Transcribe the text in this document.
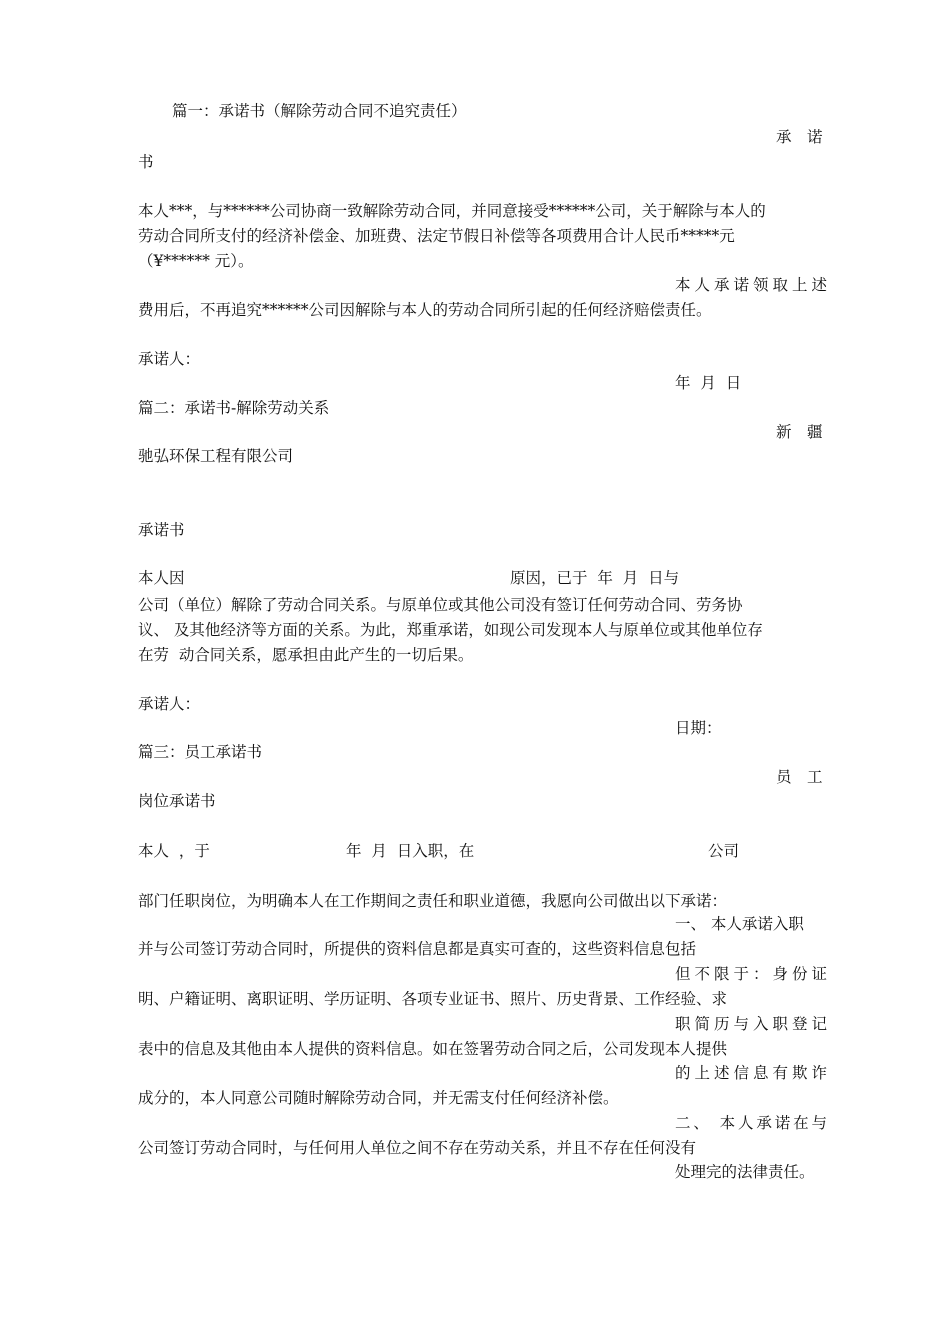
篇一：承诺书（解除劳动合同不追究责任）

承　诺

书

本人***，与******公司协商一致解除劳动合同，并同意接受******公司，关于解除与本人的

劳动合同所支付的经济补偿金、加班费、法定节假日补偿等各项费用合计人民币*****元

（¥****** 元）。

本人承诺领取上述

费用后，不再追究******公司因解除与本人的劳动合同所引起的任何经济赔偿责任。

承诺人：

年  月  日

篇二：承诺书-解除劳动关系

新　疆

驰弘环保工程有限公司

承诺书

本人因	原因，已于  年  月  日与

公司（单位）解除了劳动合同关系。与原单位或其他公司没有签订任何劳动合同、劳务协

议、 及其他经济等方面的关系。为此，郑重承诺，如现公司发现本人与原单位或其他单位存

在劳  动合同关系，愿承担由此产生的一切后果。

承诺人：

日期：

篇三：员工承诺书

员　工

岗位承诺书

本人  ，于	年  月  日入职，在	公司

部门任职岗位，为明确本人在工作期间之责任和职业道德，我愿向公司做出以下承诺：

一、 本人承诺入职

并与公司签订劳动合同时，所提供的资料信息都是真实可查的，这些资料信息包括

但不限于：身份证

明、户籍证明、离职证明、学历证明、各项专业证书、照片、历史背景、工作经验、求

职简历与入职登记

表中的信息及其他由本人提供的资料信息。如在签署劳动合同之后，公司发现本人提供

的上述信息有欺诈

成分的，本人同意公司随时解除劳动合同，并无需支付任何经济补偿。

二、 本人承诺在与

公司签订劳动合同时，与任何用人单位之间不存在劳动关系，并且不存在任何没有

处理完的法律责任。
